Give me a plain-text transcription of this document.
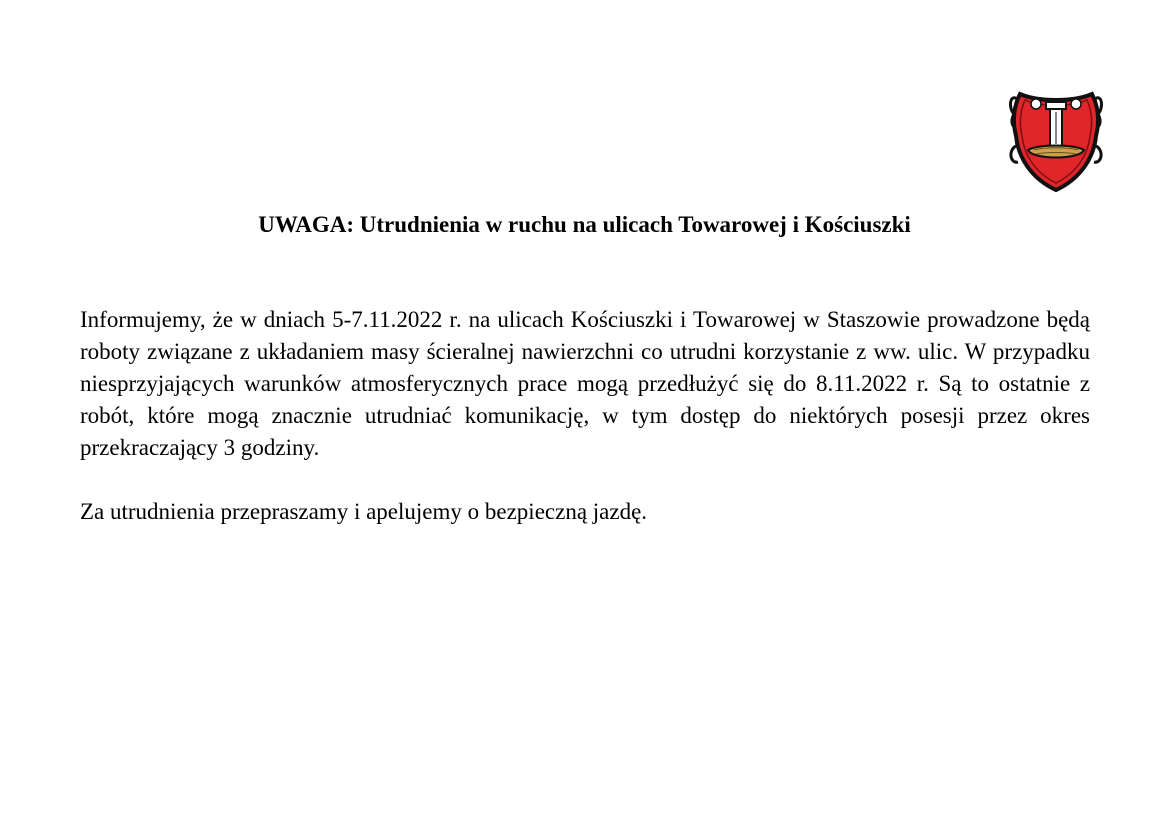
UWAGA: Utrudnienia w ruchu na ulicach Towarowej i Kościuszki

Informujemy, że w dniach 5-7.11.2022 r. na ulicach Kościuszki i Towarowej w Staszowie prowadzone będą roboty związane z układaniem masy ścieralnej nawierzchni co utrudni korzystanie z ww. ulic. W przypadku niesprzyjających warunków atmosferycznych prace mogą przedłużyć się do 8.11.2022 r. Są to ostatnie z robót, które mogą znacznie utrudniać komunikację, w tym dostęp do niektórych posesji przez okres przekraczający 3 godziny.

Za utrudnienia przepraszamy i apelujemy o bezpieczną jazdę.
